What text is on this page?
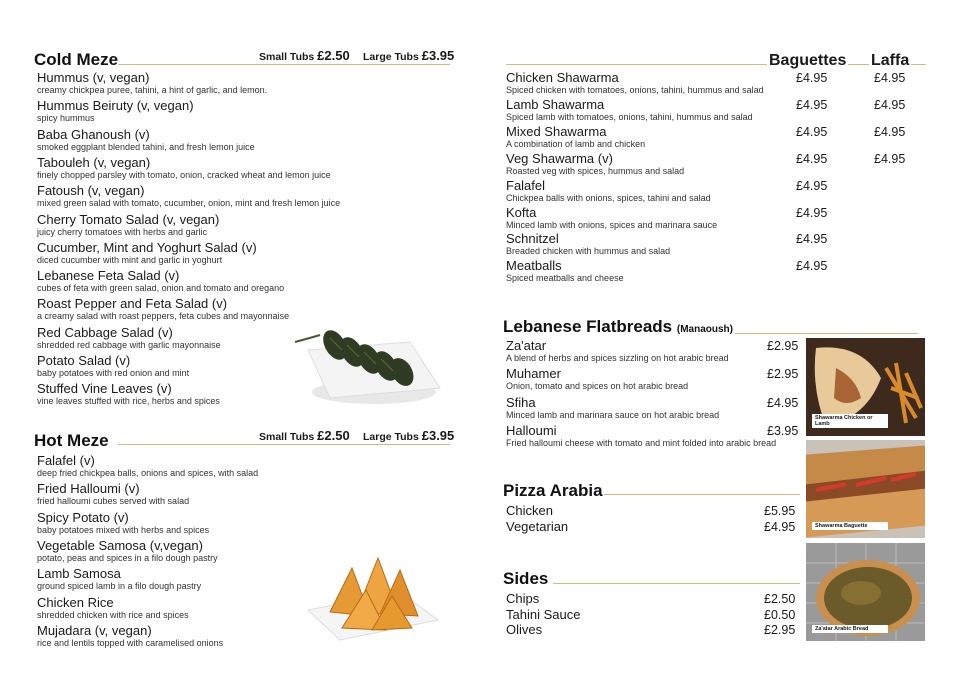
Cold Meze	Small Tubs £2.50 Large Tubs £3.95
Hummus (v, vegan)
creamy chickpea puree, tahini, a hint of garlic, and lemon.
Hummus Beiruty (v, vegan)
spicy hummus
Baba Ghanoush (v)
smoked eggplant blended tahini, and fresh lemon juice
Tabouleh (v, vegan)
finely chopped parsley with tomato, onion, cracked wheat and lemon juice
Fatoush (v, vegan)
mixed green salad with tomato, cucumber, onion, mint and fresh lemon juice
Cherry Tomato Salad (v, vegan)
juicy cherry tomatoes with herbs and garlic
Cucumber, Mint and Yoghurt Salad (v)
diced cucumber with mint and garlic in yoghurt
Lebanese Feta Salad (v)
cubes of feta with green salad, onion and tomato and oregano
Roast Pepper and Feta Salad (v)
a creamy salad with roast peppers, feta cubes and mayonnaise
Red Cabbage Salad (v)
shredded red cabbage with garlic mayonnaise
Potato Salad (v)
baby potatoes with red onion and mint
Stuffed Vine Leaves (v)
vine leaves stuffed with rice, herbs and spices
Hot Meze	Small Tubs £2.50 Large Tubs £3.95
Falafel (v)
deep fried chickpea balls, onions and spices, with salad
Fried Halloumi (v)
fried halloumi cubes served with salad
Spicy Potato (v)
baby potatoes mixed with herbs and spices
Vegetable Samosa (v,vegan)
potato, peas and spices in a filo dough pastry
Lamb Samosa
ground spiced lamb in a filo dough pastry
Chicken Rice
shredded chicken with rice and spices
Mujadara (v, vegan)
rice and lentils topped with caramelised onions
Baguettes Laffa
Chicken Shawarma
Spiced chicken with tomatoes, onions, tahini, hummus and salad
£4.95	£4.95
Lamb Shawarma
Spiced lamb with tomatoes, onions, tahini, hummus and salad
£4.95	£4.95
Mixed Shawarma
A combination of lamb and chicken
£4.95	£4.95
Veg Shawarma (v)
Roasted veg with spices, hummus and salad
£4.95	£4.95
Falafel
Chickpea balls with onions, spices, tahini and salad
£4.95
Kofta
Minced lamb with onions, spices and marinara sauce
£4.95
Schnitzel
Breaded chicken with hummus and salad
£4.95
Meatballs
Spiced meatballs and cheese
£4.95
Lebanese Flatbreads (Manaoush)
Za'atar
A blend of herbs and spices sizzling on hot arabic bread
£2.95
Muhamer
Onion, tomato and spices on hot arabic bread
£2.95
Sfiha
Minced lamb and marinara sauce on hot arabic bread
£4.95
Halloumi
Fried halloumi cheese with tomato and mint folded into arabic bread
£3.95
Pizza Arabia
Chicken	£5.95
Vegetarian	£4.95
Sides
Chips	£2.50
Tahini Sauce	£0.50
Olives	£2.95
Shawarma Chicken or Lamb
Shawarma Baguette
Za'atar Arabic Bread
